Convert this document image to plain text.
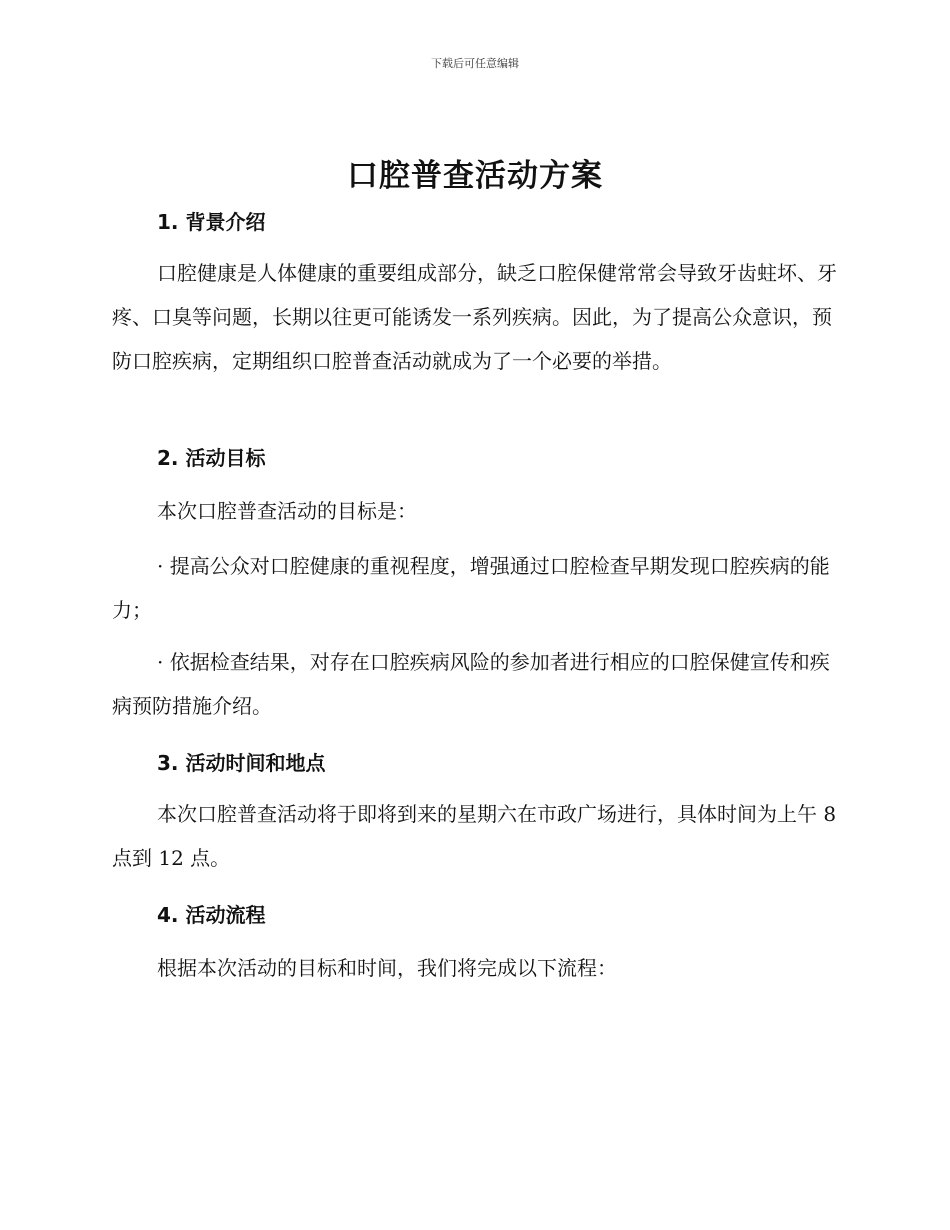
下载后可任意编辑
口腔普查活动方案
1. 背景介绍

口腔健康是人体健康的重要组成部分，缺乏口腔保健常常会导致牙齿蛀坏、牙疼、口臭等问题，长期以往更可能诱发一系列疾病。因此，为了提高公众意识，预防口腔疾病，定期组织口腔普查活动就成为了一个必要的举措。

2. 活动目标

本次口腔普查活动的目标是：

· 提高公众对口腔健康的重视程度，增强通过口腔检查早期发现口腔疾病的能力；

· 依据检查结果，对存在口腔疾病风险的参加者进行相应的口腔保健宣传和疾病预防措施介绍。

3. 活动时间和地点

本次口腔普查活动将于即将到来的星期六在市政广场进行，具体时间为上午 8 点到 12 点。

4. 活动流程

根据本次活动的目标和时间，我们将完成以下流程：
